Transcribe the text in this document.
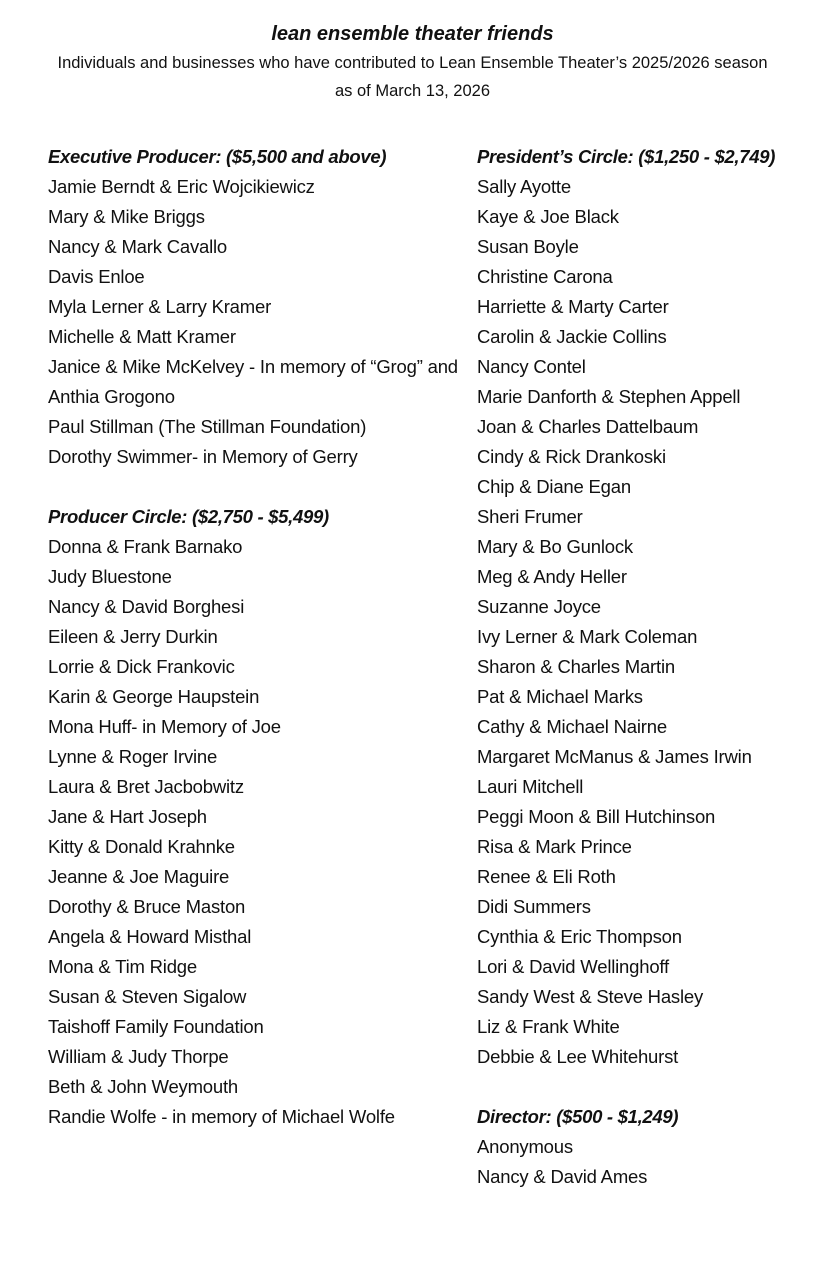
lean ensemble theater friends

Individuals and businesses who have contributed to Lean Ensemble Theater’s 2025/2026 season as of March 13, 2026

Executive Producer: ($5,500 and above)
Jamie Berndt & Eric Wojcikiewicz
Mary & Mike Briggs
Nancy & Mark Cavallo
Davis Enloe
Myla Lerner & Larry Kramer
Michelle & Matt Kramer
Janice & Mike McKelvey - In memory of “Grog” and Anthia Grogono
Paul Stillman (The Stillman Foundation)
Dorothy Swimmer- in Memory of Gerry
Producer Circle: ($2,750 - $5,499)
Donna & Frank Barnako
Judy Bluestone
Nancy & David Borghesi
Eileen & Jerry Durkin
Lorrie & Dick Frankovic
Karin & George Haupstein
Mona Huff- in Memory of Joe
Lynne & Roger Irvine
Laura & Bret Jacbobwitz
Jane & Hart Joseph
Kitty & Donald Krahnke
Jeanne & Joe Maguire
Dorothy & Bruce Maston
Angela & Howard Misthal
Mona & Tim Ridge
Susan & Steven Sigalow
Taishoff Family Foundation
William & Judy Thorpe
Beth & John Weymouth
Randie Wolfe - in memory of Michael Wolfe
President’s Circle: ($1,250 - $2,749)
Sally Ayotte
Kaye & Joe Black
Susan Boyle
Christine Carona
Harriette & Marty Carter
Carolin & Jackie Collins
Nancy Contel
Marie Danforth & Stephen Appell
Joan & Charles Dattelbaum
Cindy & Rick Drankoski
Chip & Diane Egan
Sheri Frumer
Mary & Bo Gunlock
Meg & Andy Heller
Suzanne Joyce
Ivy Lerner & Mark Coleman
Sharon & Charles Martin
Pat & Michael Marks
Cathy & Michael Nairne
Margaret McManus & James Irwin
Lauri Mitchell
Peggi Moon & Bill Hutchinson
Risa & Mark Prince
Renee & Eli Roth
Didi Summers
Cynthia & Eric Thompson
Lori & David Wellinghoff
Sandy West & Steve Hasley
Liz & Frank White
Debbie & Lee Whitehurst
Director: ($500 - $1,249)
Anonymous
Nancy & David Ames
